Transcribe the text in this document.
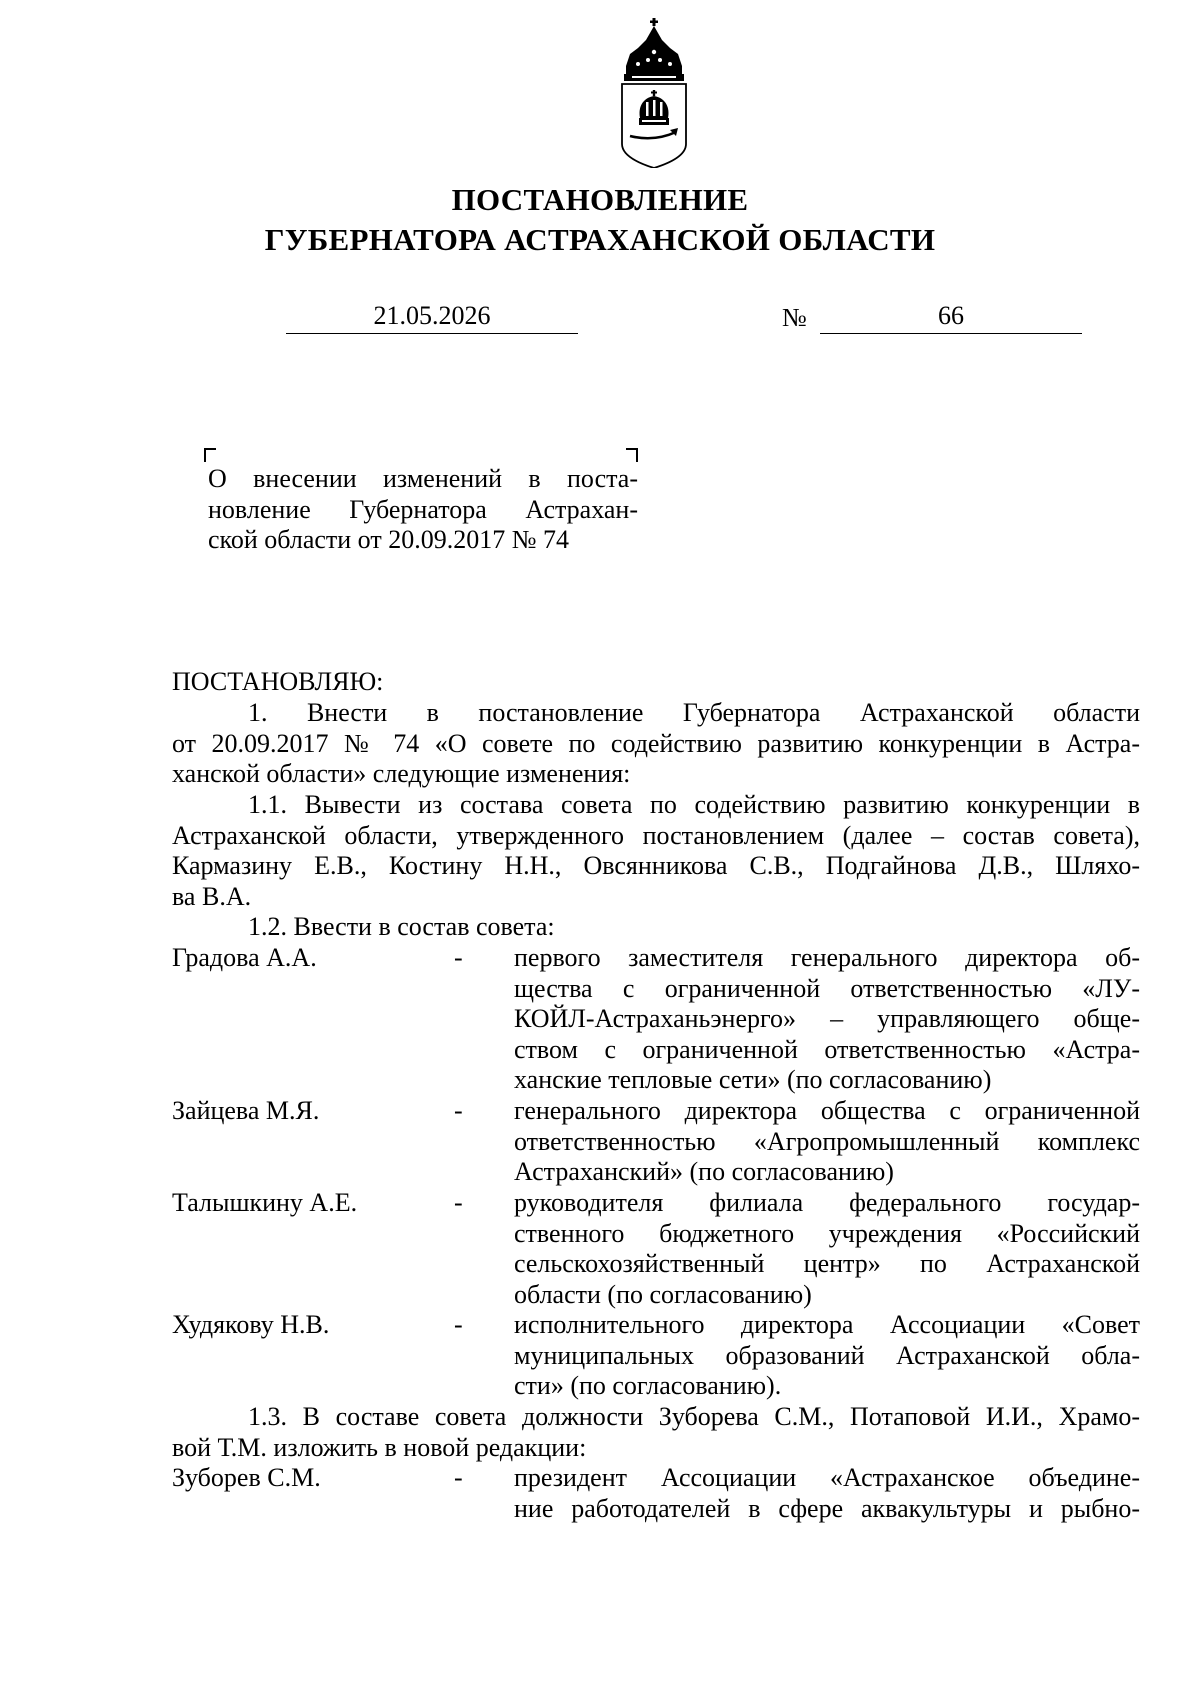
ПОСТАНОВЛЕНИЕ
ГУБЕРНАТОРА АСТРАХАНСКОЙ ОБЛАСТИ
21.05.2026	№	66
О внесении изменений в поста-
новление Губернатора Астрахан-
ской области от 20.09.2017 № 74
ПОСТАНОВЛЯЮ:
1. Внести в постановление Губернатора Астраханской области
от 20.09.2017 № 74 «О совете по содействию развитию конкуренции в Астра-
ханской области» следующие изменения:
1.1. Вывести из состава совета по содействию развитию конкуренции в
Астраханской области, утвержденного постановлением (далее – состав совета),
Кармазину Е.В., Костину Н.Н., Овсянникова С.В., Подгайнова Д.В., Шляхо-
ва В.А.
1.2. Ввести в состав совета:
Градова А.А.	- первого заместителя генерального директора об-
щества с ограниченной ответственностью «ЛУ-
КОЙЛ-Астраханьэнерго» – управляющего обще-
ством с ограниченной ответственностью «Астра-
ханские тепловые сети» (по согласованию)
Зайцева М.Я.	- генерального директора общества с ограниченной
ответственностью «Агропромышленный комплекс
Астраханский» (по согласованию)
Талышкину А.Е.	- руководителя филиала федерального государ-
ственного бюджетного учреждения «Российский
сельскохозяйственный центр» по Астраханской
области (по согласованию)
Худякову Н.В.	- исполнительного директора Ассоциации «Совет
муниципальных образований Астраханской обла-
сти» (по согласованию).
1.3. В составе совета должности Зуборева С.М., Потаповой И.И., Храмо-
вой Т.М. изложить в новой редакции:
Зуборев С.М.	- президент Ассоциации «Астраханское объедине-
ние работодателей в сфере аквакультуры и рыбно-
